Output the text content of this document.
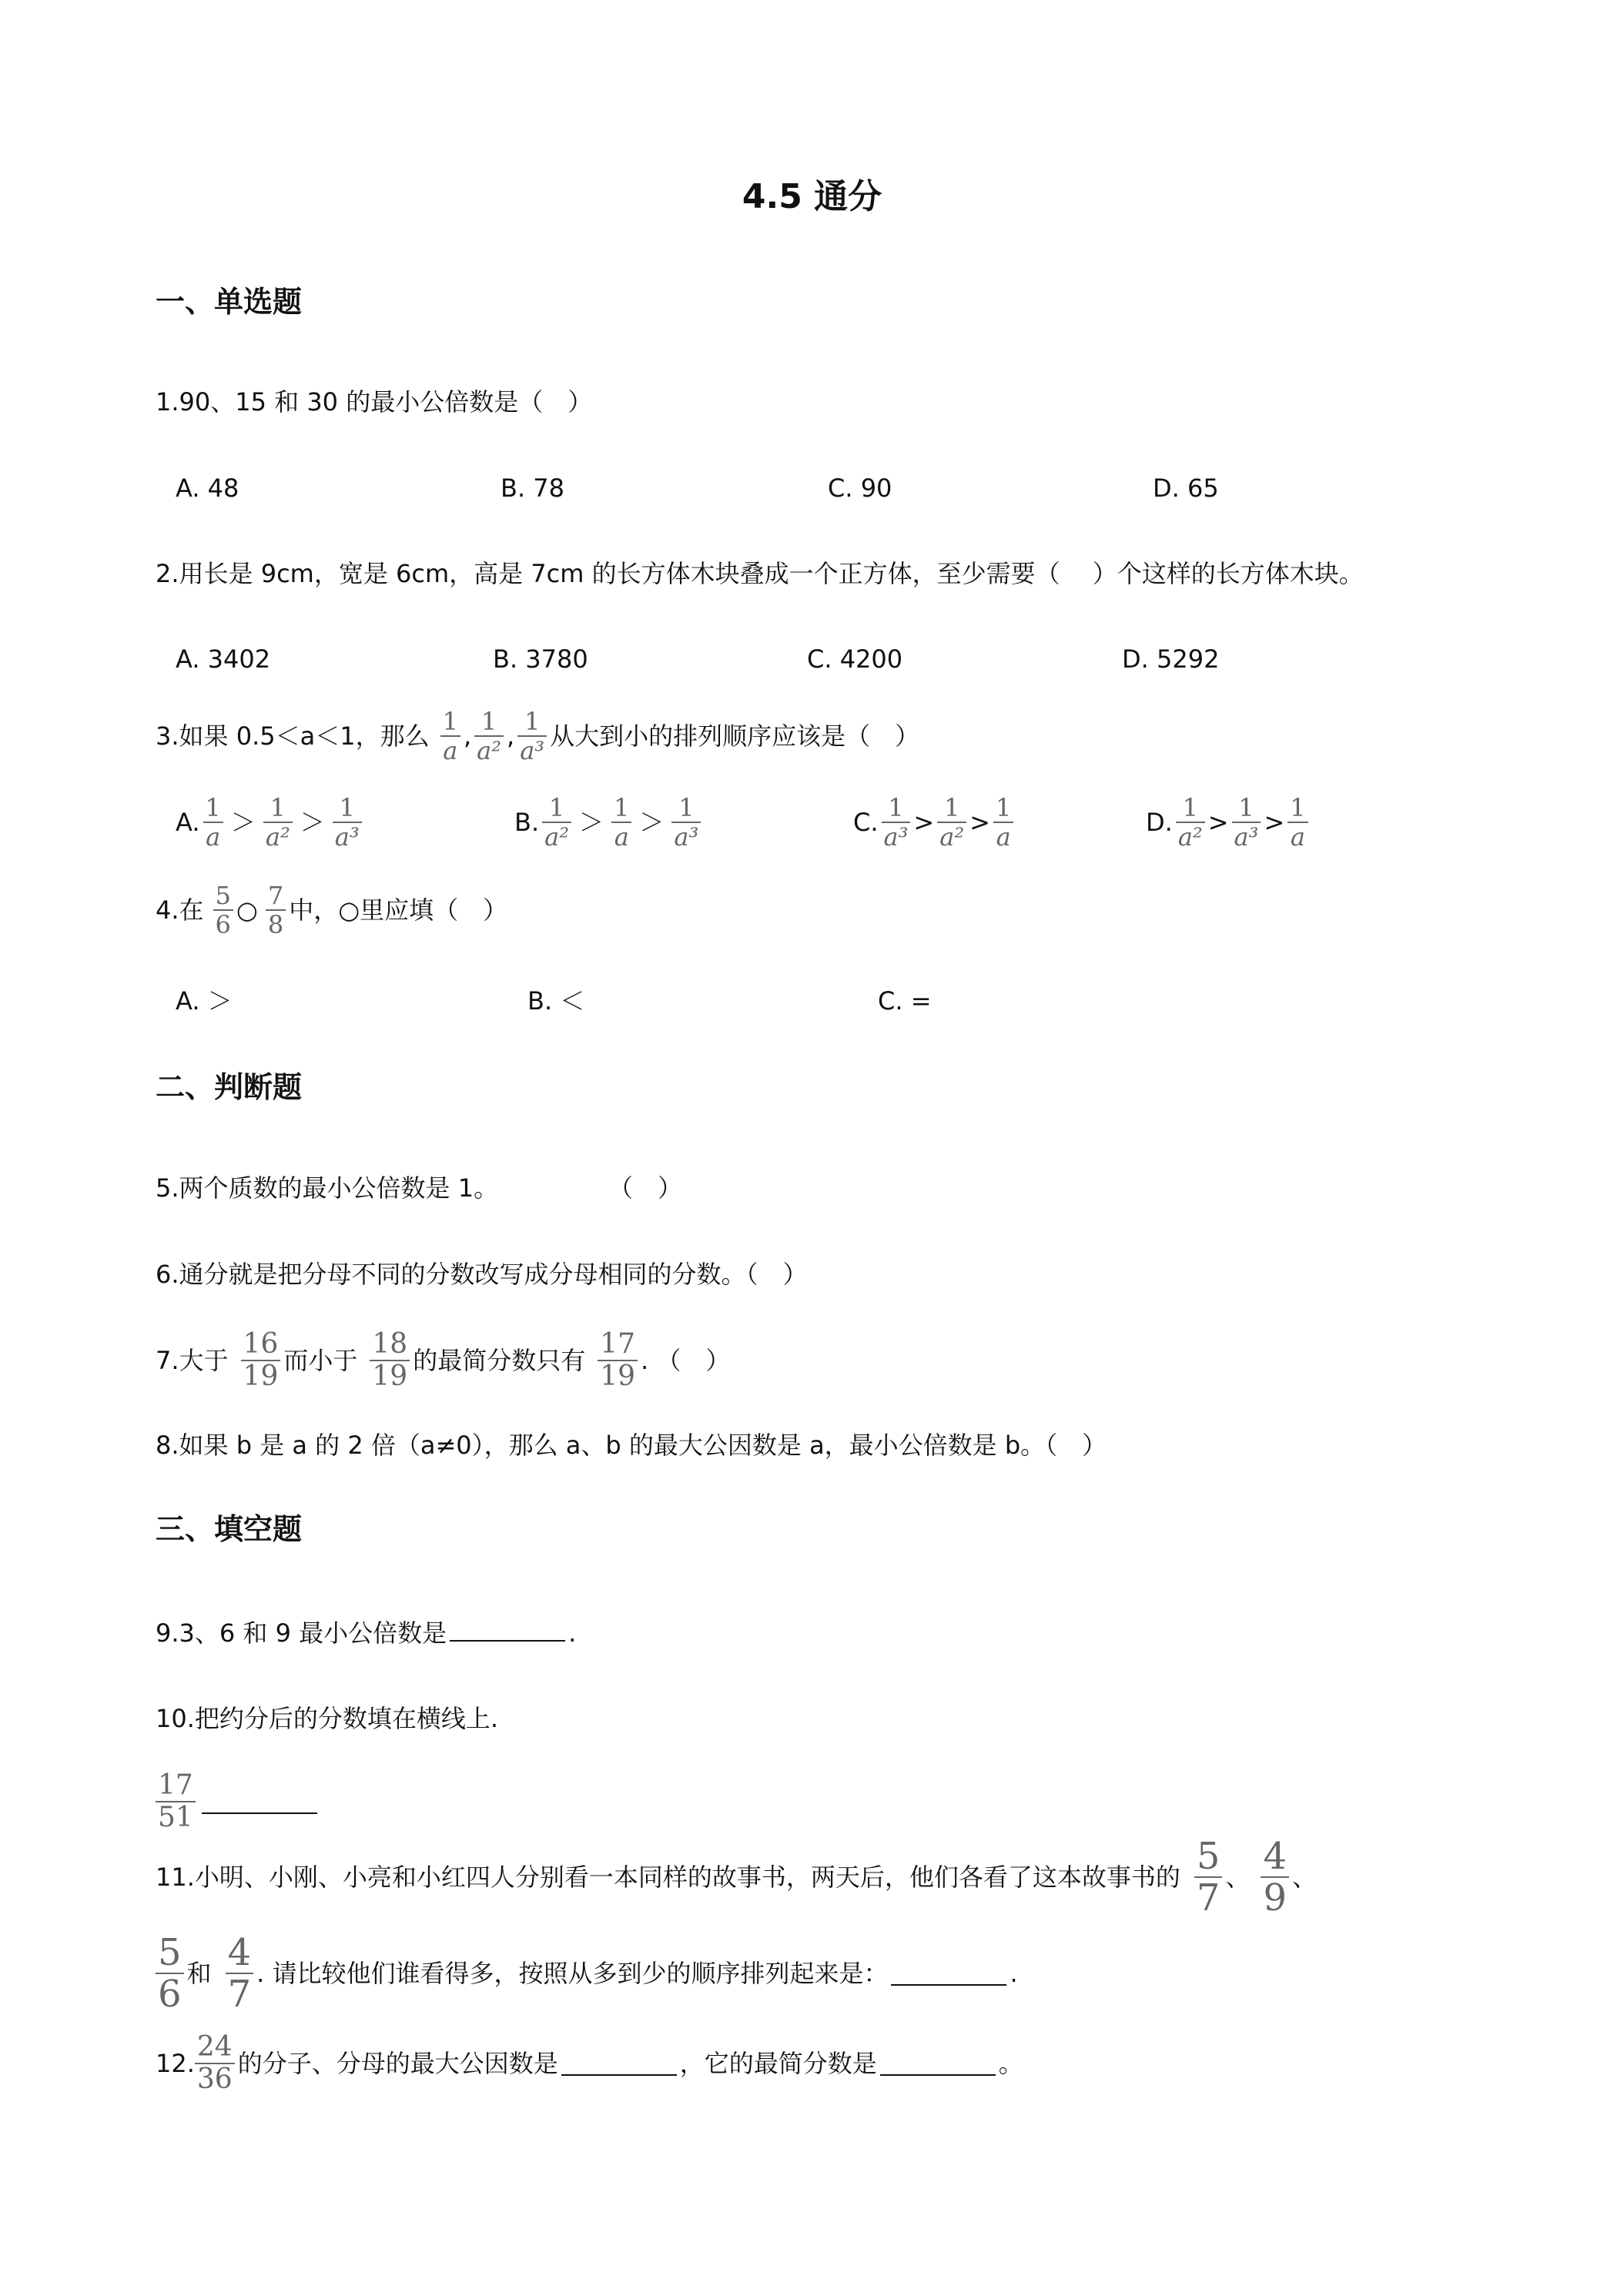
4.5 通分
一、单选题
1.90、15 和 30 的最小公倍数是（　）
A. 48	B. 78	C. 90	D. 65
2.用长是 9cm，宽是 6cm，高是 7cm 的长方体木块叠成一个正方体，至少需要（　 ）个这样的长方体木块。
A. 3402	B. 3780	C. 4200	D. 5292
3.如果 0.5＜a＜1，那么 $\frac{1}{a}$ , $\frac{1}{\text{a²}}$ , $\frac{1}{\text{a³}}$ 从大到小的排列顺序应该是（　）
A. $\frac{1}{a} > \frac{1}{\text{a²}} > \frac{1}{\text{a³}}$	B. $\frac{1}{\text{a²}} > \frac{1}{a} > \frac{1}{\text{a³}}$	C. $\frac{1}{\text{a³}} > \frac{1}{\text{a²}} > \frac{1}{a}$	D. $\frac{1}{\text{a²}} > \frac{1}{\text{a³}} > \frac{1}{a}$
4.在 $\frac{5}{6}$ ○ $\frac{7}{8}$ 中，○里应填（　）
A. ＞	B. ＜	C. =
二、判断题
5.两个质数的最小公倍数是 1。	（　）
6.通分就是把分母不同的分数改写成分母相同的分数。（　）
7.大于 $\frac{16}{19}$ 而小于 $\frac{18}{19}$ 的最简分数只有 $\frac{17}{19}$ . （　）
8.如果 b 是 a 的 2 倍（a≠0），那么 a、b 的最大公因数是 a，最小公倍数是 b。（　）
三、填空题
9.3、6 和 9 最小公倍数是	.
10.把约分后的分数填在横线上.
$\frac{17}{51}$
11.小明、小刚、小亮和小红四人分别看一本同样的故事书，两天后，他们各看了这本故事书的 $\frac{5}{7}$ 、 $\frac{4}{9}$ 、
$\frac{5}{6}$ 和 $\frac{4}{7}$ . 请比较他们谁看得多，按照从多到少的顺序排列起来是：	.
12. $\frac{24}{36}$ 的分子、分母的最大公因数是	，它的最简分数是	。
